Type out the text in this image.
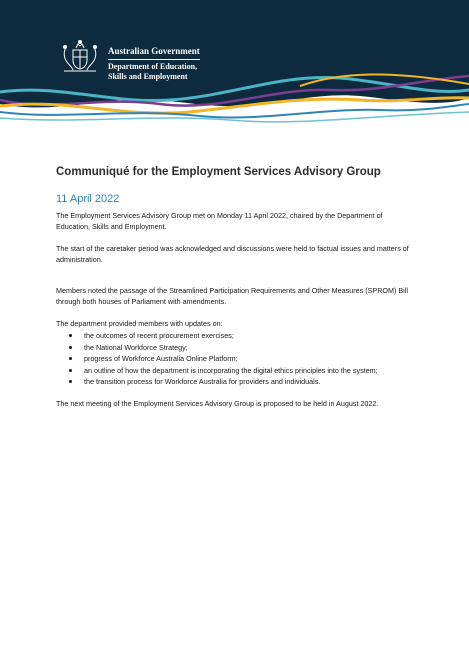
Australian Government
Department of Education,
Skills and Employment
Communiqué for the Employment Services Advisory Group
11 April 2022

The Employment Services Advisory Group met on Monday 11 April 2022, chaired by the Department of Education, Skills and Employment.

The start of the caretaker period was acknowledged and discussions were held to factual issues and matters of administration.

Members noted the passage of the Streamlined Participation Requirements and Other Measures (SPROM) Bill through both houses of Parliament with amendments.

The department provided members with updates on:

the outcomes of recent procurement exercises;
the National Workforce Strategy;
progress of Workforce Australia Online Platform;
an outline of how the department is incorporating the digital ethics principles into the system;
the transition process for Workforce Australia for providers and individuals.

The next meeting of the Employment Services Advisory Group is proposed to be held in August 2022.
